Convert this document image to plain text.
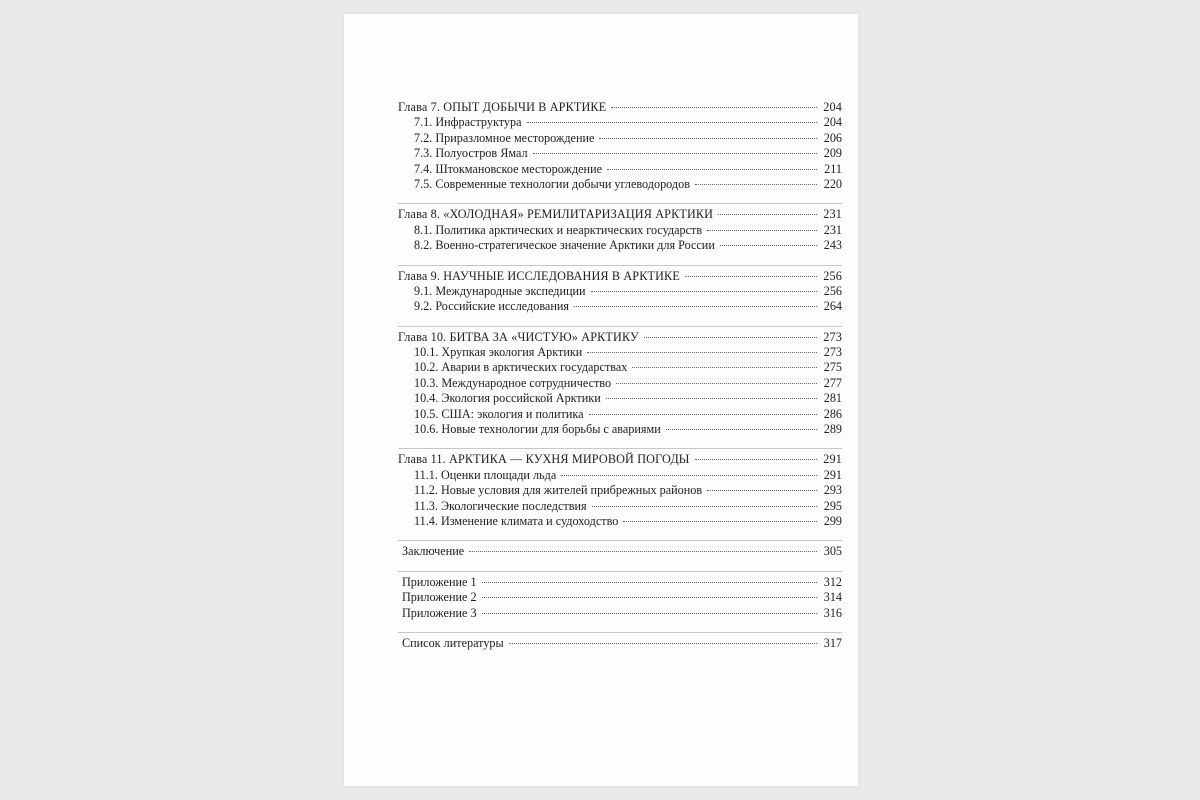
Глава 7. ОПЫТ ДОБЫЧИ В АРКТИКЕ	204
7.1. Инфраструктура	204
7.2. Приразломное месторождение	206
7.3. Полуостров Ямал	209
7.4. Штокмановское месторождение	211
7.5. Современные технологии добычи углеводородов	220
Глава 8. «ХОЛОДНАЯ» РЕМИЛИТАРИЗАЦИЯ АРКТИКИ	231
8.1. Политика арктических и неарктических государств	231
8.2. Военно-стратегическое значение Арктики для России	243
Глава 9. НАУЧНЫЕ ИССЛЕДОВАНИЯ В АРКТИКЕ	256
9.1. Международные экспедиции	256
9.2. Российские исследования	264
Глава 10. БИТВА ЗА «ЧИСТУЮ» АРКТИКУ	273
10.1. Хрупкая экология Арктики	273
10.2. Аварии в арктических государствах	275
10.3. Международное сотрудничество	277
10.4. Экология российской Арктики	281
10.5. США: экология и политика	286
10.6. Новые технологии для борьбы с авариями	289
Глава 11. АРКТИКА — КУХНЯ МИРОВОЙ ПОГОДЫ	291
11.1. Оценки площади льда	291
11.2. Новые условия для жителей прибрежных районов	293
11.3. Экологические последствия	295
11.4. Изменение климата и судоходство	299
Заключение	305
Приложение 1	312
Приложение 2	314
Приложение 3	316
Список литературы	317
